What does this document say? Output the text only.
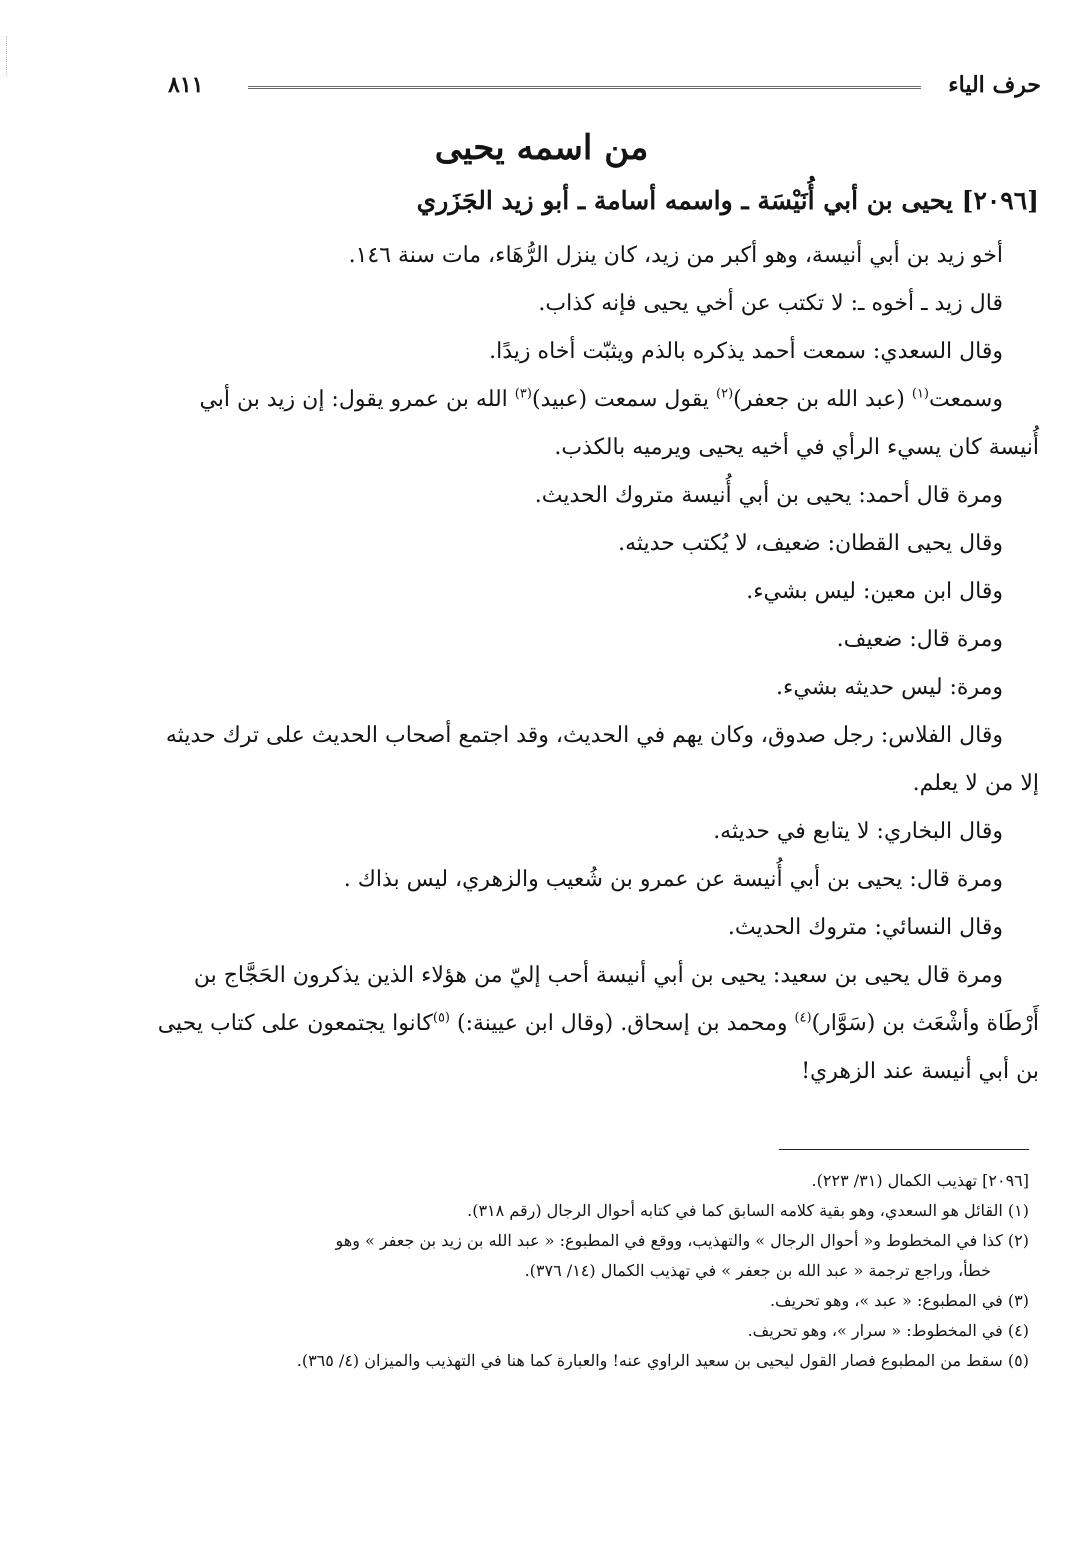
٨١١	حرف الياء
من اسمه يحيى
[٢٠٩٦] يحيى بن أبي أُنَيْسَة ـ واسمه أسامة ـ أبو زيد الجَزَري

أخو زيد بن أبي أنيسة، وهو أكبر من زيد، كان ينزل الرُّهَاء، مات سنة ١٤٦.

قال زيد ـ أخوه ـ: لا تكتب عن أخي يحيى فإنه كذاب.

وقال السعدي: سمعت أحمد يذكره بالذم ويثبّت أخاه زيدًا.

وسمعت$^{(١)}$ (عبد الله بن جعفر)$^{(٢)}$ يقول سمعت (عبيد)$^{(٣)}$ الله بن عمرو يقول: إن زيد بن أبي أُنيسة كان يسيء الرأي في أخيه يحيى ويرميه بالكذب.

ومرة قال أحمد: يحيى بن أبي أُنيسة متروك الحديث.

وقال يحيى القطان: ضعيف، لا يُكتب حديثه.

وقال ابن معين: ليس بشيء.

ومرة قال: ضعيف.

ومرة: ليس حديثه بشيء.

وقال الفلاس: رجل صدوق، وكان يهم في الحديث، وقد اجتمع أصحاب الحديث على ترك حديثه إلا من لا يعلم.

وقال البخاري: لا يتابع في حديثه.

ومرة قال: يحيى بن أبي أُنيسة عن عمرو بن شُعيب والزهري، ليس بذاك .

وقال النسائي: متروك الحديث.

ومرة قال يحيى بن سعيد: يحيى بن أبي أنيسة أحب إليّ من هؤلاء الذين يذكرون الحَجَّاج بن أَرْطَاة وأشْعَث بن (سَوَّار)$^{(٤)}$ ومحمد بن إسحاق. (وقال ابن عيينة:) $^{(٥)}$كانوا يجتمعون على كتاب يحيى بن أبي أنيسة عند الزهري!

[٢٠٩٦] تهذيب الكمال (٣١/ ٢٢٣).

(١) القائل هو السعدي، وهو بقية كلامه السابق كما في كتابه أحوال الرجال (رقم ٣١٨).

(٢) كذا في المخطوط و« أحوال الرجال » والتهذيب، ووقع في المطبوع: « عبد الله بن زيد بن جعفر » وهو

خطأ، وراجع ترجمة « عبد الله بن جعفر » في تهذيب الكمال (١٤/ ٣٧٦).

(٣) في المطبوع: « عبد »، وهو تحريف.

(٤) في المخطوط: « سرار »، وهو تحريف.

(٥) سقط من المطبوع فصار القول ليحيى بن سعيد الراوي عنه! والعبارة كما هنا في التهذيب والميزان (٤/ ٣٦٥).
